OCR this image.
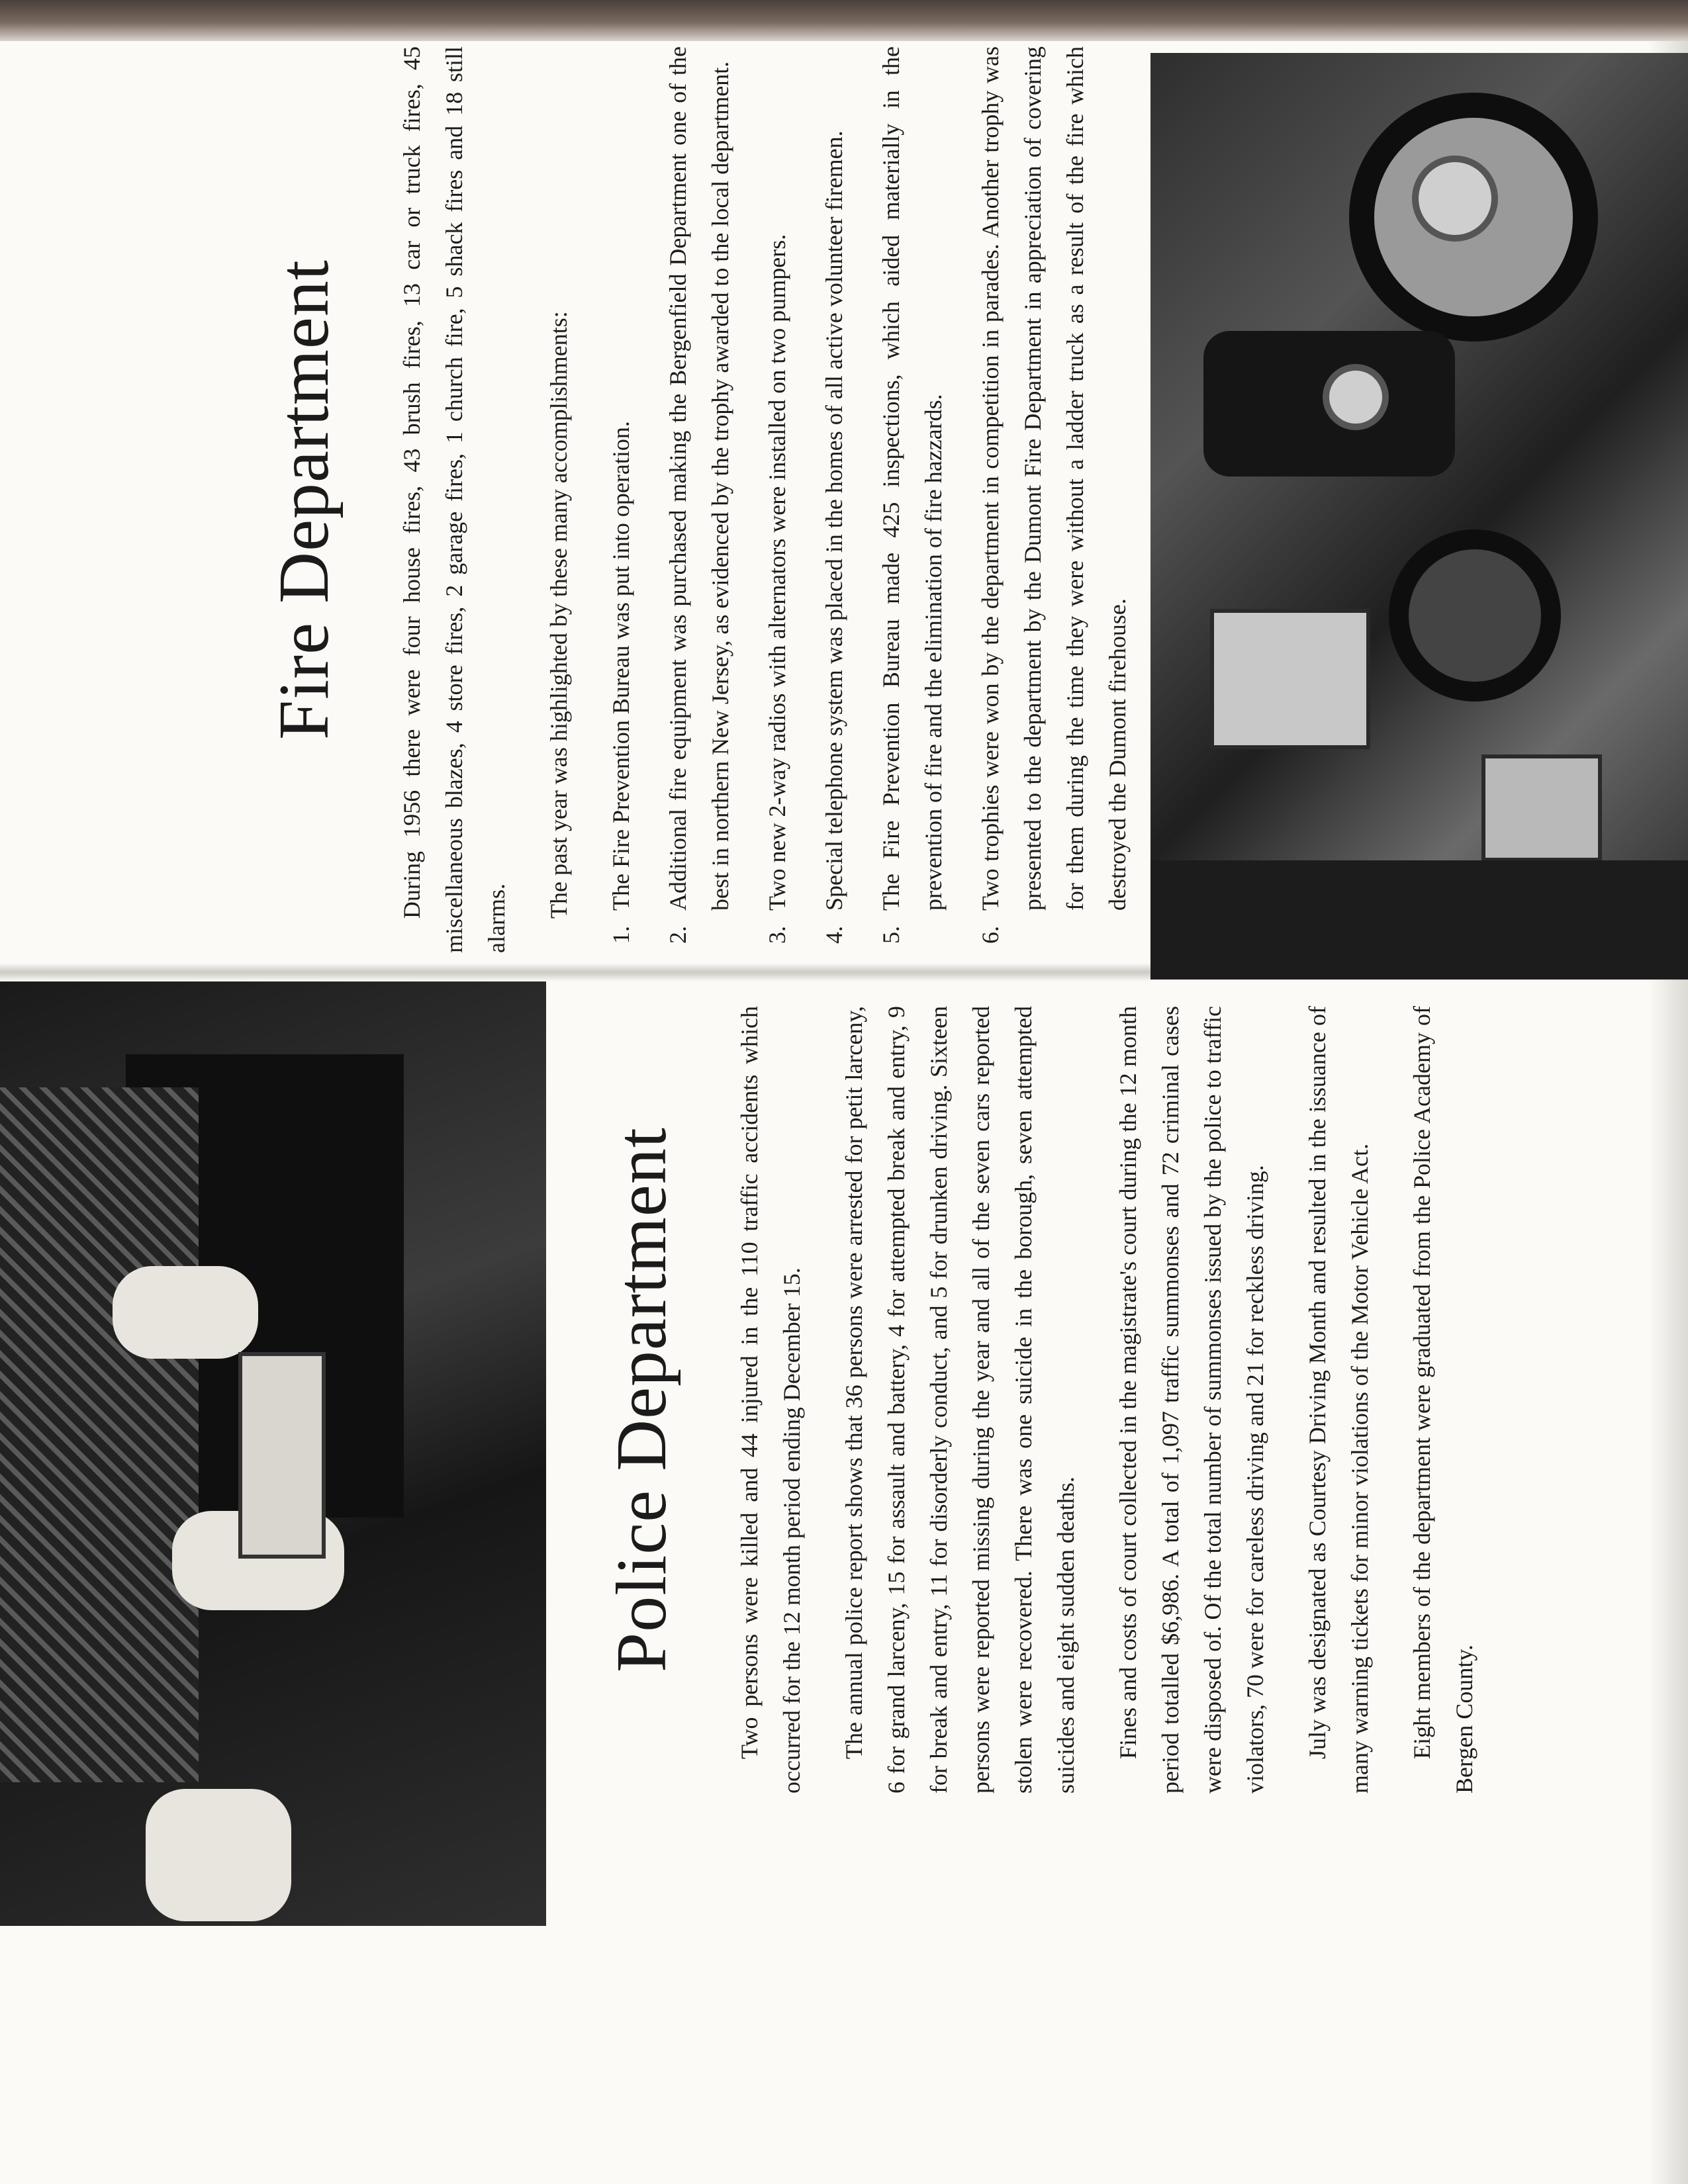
Fire Department	During 1956 there were four house fires, 43 brush fires, 13 car or truck fires, 45 miscellaneous blazes, 4 store fires, 2 garage fires, 1 church fire, 5 shack fires and 18 still alarms.	The past year was highlighted by these many accomplishments:

1.The Fire Prevention Bureau was put into operation.
2.Additional fire equipment was purchased making the Bergenfield Department one of the best in northern New Jersey, as evidenced by the trophy awarded to the local department.
3.Two new 2-way radios with alternators were installed on two pumpers.
4.Special telephone system was placed in the homes of all active volunteer firemen.
5.The Fire Prevention Bureau made 425 inspections, which aided materially in the prevention of fire and the elimination of fire hazzards.
6.Two trophies were won by the department in competition in parades. Another trophy was presented to the department by the Dumont Fire Department in appreciation of covering for them during the time they were without a ladder truck as a result of the fire which destroyed the Dumont firehouse.
Police Department	Two persons were killed and 44 injured in the 110 traffic accidents which occurred for the 12 month period ending December 15.	The annual police report shows that 36 persons were arrested for petit larceny, 6 for grand larceny, 15 for assault and battery, 4 for attempted break and entry, 9 for break and entry, 11 for disorderly conduct, and 5 for drunken driving. Sixteen persons were reported missing during the year and all of the seven cars reported stolen were recovered. There was one suicide in the borough, seven attempted suicides and eight sudden deaths.	Fines and costs of court collected in the magistrate's court during the 12 month period totalled $6,986. A total of 1,097 traffic summonses and 72 criminal cases were disposed of. Of the total number of summonses issued by the police to traffic violators, 70 were for careless driving and 21 for reckless driving.	July was designated as Courtesy Driving Month and resulted in the issuance of many warning tickets for minor violations of the Motor Vehicle Act.	Eight members of the department were graduated from the Police Academy of Bergen County.
